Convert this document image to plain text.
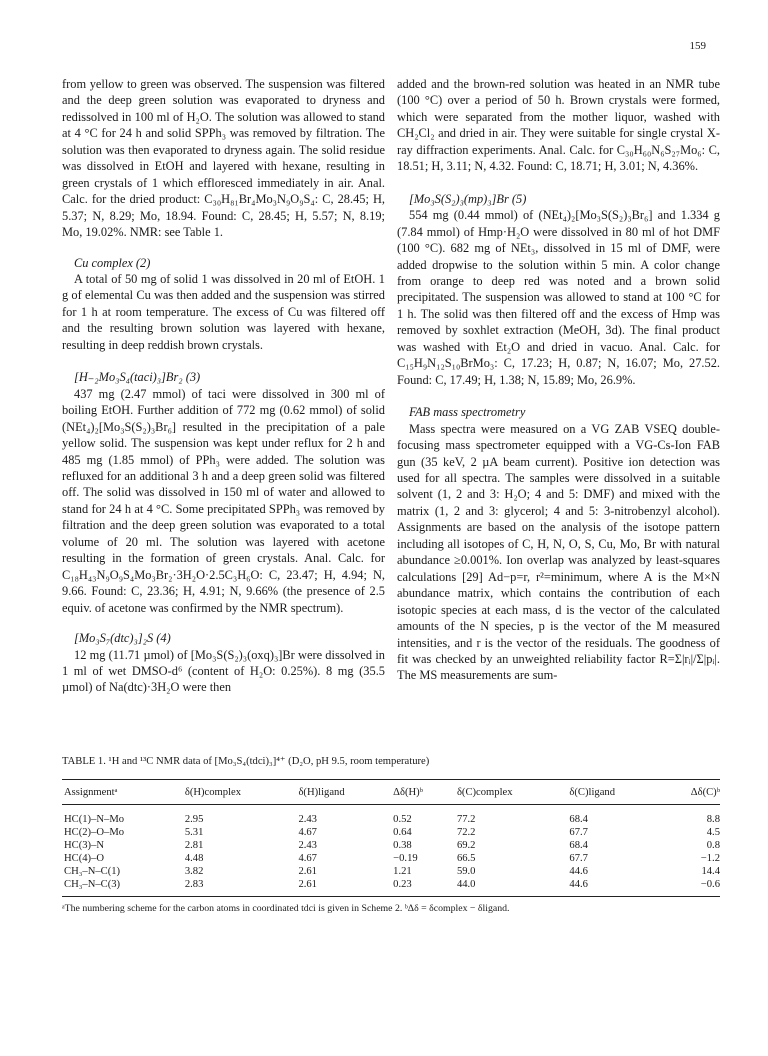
159

from yellow to green was observed. The suspension was filtered and the deep green solution was evaporated to dryness and redissolved in 100 ml of H₂O. The solution was allowed to stand at 4 °C for 24 h and solid SPPh₃ was removed by filtration. The solution was then evaporated to dryness again. The solid residue was dissolved in EtOH and layered with hexane, resulting in green crystals of 1 which effloresced immediately in air. Anal. Calc. for the dried product: C₃₀H₈₁Br₄Mo₃N₉O₉S₄: C, 28.45; H, 5.37; N, 8.29; Mo, 18.94. Found: C, 28.45; H, 5.57; N, 8.19; Mo, 19.02%. NMR: see Table 1.

Cu complex (2)

A total of 50 mg of solid 1 was dissolved in 20 ml of EtOH. 1 g of elemental Cu was then added and the suspension was stirred for 1 h at room temperature. The excess of Cu was filtered off and the resulting brown solution was layered with hexane, resulting in deep reddish brown crystals.

[H₋₂Mo₃S₄(taci)₃]Br₂ (3)

437 mg (2.47 mmol) of taci were dissolved in 300 ml of boiling EtOH. Further addition of 772 mg (0.62 mmol) of solid (NEt₄)₂[Mo₃S(S₂)₃Br₆] resulted in the precipitation of a pale yellow solid. The suspension was kept under reflux for 2 h and 485 mg (1.85 mmol) of PPh₃ were added. The solution was refluxed for an additional 3 h and a deep green solid was filtered off. The solid was dissolved in 150 ml of water and allowed to stand for 24 h at 4 °C. Some precipitated SPPh₃ was removed by filtration and the deep green solution was evaporated to a total volume of 20 ml. The solution was layered with acetone resulting in the formation of green crystals. Anal. Calc. for C₁₈H₄₃N₉O₉S₄Mo₃Br₂·3H₂O·2.5C₃H₆O: C, 23.47; H, 4.94; N, 9.66. Found: C, 23.36; H, 4.91; N, 9.66% (the presence of 2.5 equiv. of acetone was confirmed by the NMR spectrum).

[Mo₃S₇(dtc)₃]₂S (4)

12 mg (11.71 µmol) of [Mo₃S(S₂)₃(oxq)₃]Br were dissolved in 1 ml of wet DMSO-d⁶ (content of H₂O: 0.25%). 8 mg (35.5 µmol) of Na(dtc)·3H₂O were then

added and the brown-red solution was heated in an NMR tube (100 °C) over a period of 50 h. Brown crystals were formed, which were separated from the mother liquor, washed with CH₂Cl₂ and dried in air. They were suitable for single crystal X-ray diffraction experiments. Anal. Calc. for C₃₀H₆₀N₆S₂₇Mo₆: C, 18.51; H, 3.11; N, 4.32. Found: C, 18.71; H, 3.01; N, 4.36%.

[Mo₃S(S₂)₃(mp)₃]Br (5)

554 mg (0.44 mmol) of (NEt₄)₂[Mo₃S(S₂)₃Br₆] and 1.334 g (7.84 mmol) of Hmp·H₂O were dissolved in 80 ml of hot DMF (100 °C). 682 mg of NEt₃, dissolved in 15 ml of DMF, were added dropwise to the solution within 5 min. A color change from orange to deep red was noted and a brown solid precipitated. The suspension was allowed to stand at 100 °C for 1 h. The solid was then filtered off and the excess of Hmp was removed by soxhlet extraction (MeOH, 3d). The final product was washed with Et₂O and dried in vacuo. Anal. Calc. for C₁₅H₉N₁₂S₁₀BrMo₃: C, 17.23; H, 0.87; N, 16.07; Mo, 27.52. Found: C, 17.49; H, 1.38; N, 15.89; Mo, 26.9%.

FAB mass spectrometry

Mass spectra were measured on a VG ZAB VSEQ double-focusing mass spectrometer equipped with a VG-Cs-Ion FAB gun (35 keV, 2 µA beam current). Positive ion detection was used for all spectra. The samples were dissolved in a suitable solvent (1, 2 and 3: H₂O; 4 and 5: DMF) and mixed with the matrix (1, 2 and 3: glycerol; 4 and 5: 3-nitrobenzyl alcohol). Assignments are based on the analysis of the isotope pattern including all isotopes of C, H, N, O, S, Cu, Mo, Br with natural abundance ≥0.001%. Ion overlap was analyzed by least-squares calculations [29] Ad−p=r, r²=minimum, where A is the M×N abundance matrix, which contains the contribution of each isotopic species at each mass, d is the vector of the calculated amounts of the N species, p is the vector of the M measured intensities, and r is the vector of the residuals. The goodness of fit was checked by an unweighted reliability factor R=Σ|rᵢ|/Σ|pᵢ|. The MS measurements are sum-

TABLE 1. ¹H and ¹³C NMR data of [Mo₃S₄(tdci)₃]⁴⁺ (D₂O, pH 9.5, room temperature)
Assignmentᵃ	δ(H)complex	δ(H)ligand	Δδ(H)ᵇ	δ(C)complex	δ(C)ligand	Δδ(C)ᵇ
HC(1)–N–Mo	2.95	2.43	0.52	77.2	68.4	8.8
HC(2)–O–Mo	5.31	4.67	0.64	72.2	67.7	4.5
HC(3)–N	2.81	2.43	0.38	69.2	68.4	0.8
HC(4)–O	4.48	4.67	−0.19	66.5	67.7	−1.2
CH₃–N–C(1)	3.82	2.61	1.21	59.0	44.6	14.4
CH₃–N–C(3)	2.83	2.61	0.23	44.0	44.6	−0.6
ᵃThe numbering scheme for the carbon atoms in coordinated tdci is given in Scheme 2. ᵇΔδ = δcomplex − δligand.
